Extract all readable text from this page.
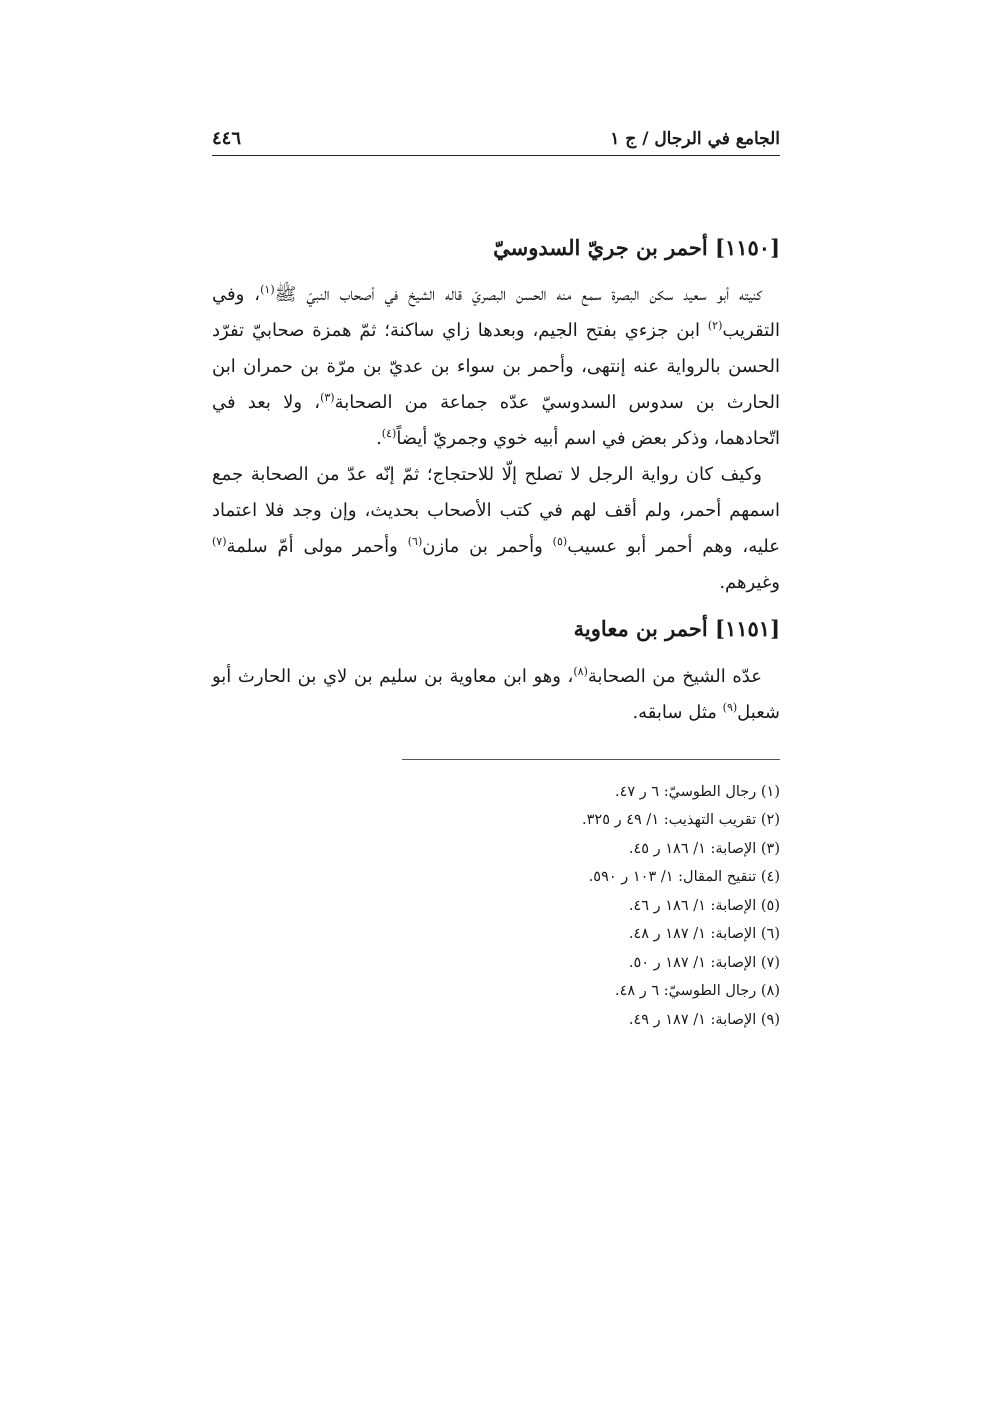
الجامع في الرجال / ج ١
٤٤٦
[١١٥٠] أحمر بن جريّ السدوسيّ

كنيته أبو سعيد سكن البصرة سمع منه الحسن البصريّ قاله الشيخ في أصحاب النبيّ ﷺ$^{(١)}$، وفي التقريب$^{(٢)}$ ابن جزءي بفتح الجيم، وبعدها زاي ساكنة؛ ثمّ همزة صحابيّ تفرّد الحسن بالرواية عنه إنتهى، وأحمر بن سواء بن عديّ بن مرّة بن حمران ابن الحارث بن سدوس السدوسيّ عدّه جماعة من الصحابة$^{(٣)}$، ولا بعد في اتّحادهما، وذكر بعض في اسم أبيه خوي وجمريّ أيضاً$^{(٤)}$.

وكيف كان رواية الرجل لا تصلح إلّا للاحتجاج؛ ثمّ إنّه عدّ من الصحابة جمع اسمهم أحمر، ولم أقف لهم في كتب الأصحاب بحديث، وإن وجد فلا اعتماد عليه، وهم أحمر أبو عسيب$^{(٥)}$ وأحمر بن مازن$^{(٦)}$ وأحمر مولى أمّ سلمة$^{(٧)}$ وغيرهم.

[١١٥١] أحمر بن معاوية

عدّه الشيخ من الصحابة$^{(٨)}$، وهو ابن معاوية بن سليم بن لاي بن الحارث أبو شعبل$^{(٩)}$ مثل سابقه.

(١) رجال الطوسيّ: ٦ ر ٤٧.
(٢) تقريب التهذيب: ١/ ٤٩ ر ٣٢٥.
(٣) الإصابة: ١/ ١٨٦ ر ٤٥.
(٤) تنقيح المقال: ١/ ١٠٣ ر ٥٩٠.
(٥) الإصابة: ١/ ١٨٦ ر ٤٦.
(٦) الإصابة: ١/ ١٨٧ ر ٤٨.
(٧) الإصابة: ١/ ١٨٧ ر ٥٠.
(٨) رجال الطوسيّ: ٦ ر ٤٨.
(٩) الإصابة: ١/ ١٨٧ ر ٤٩.
